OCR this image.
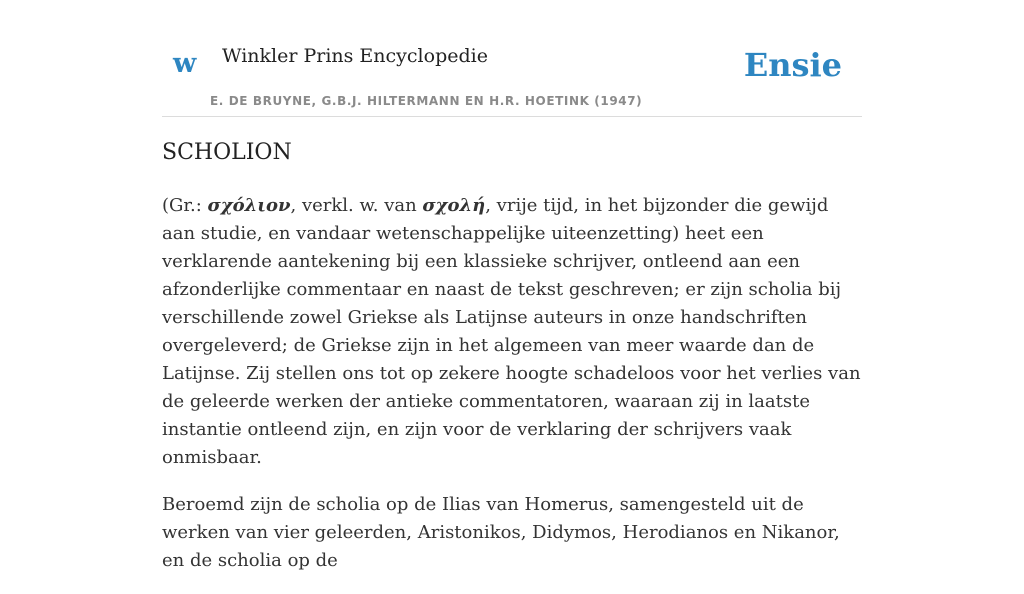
w Winkler Prins Encyclopedie	Ensie
E. DE BRUYNE, G.B.J. HILTERMANN EN H.R. HOETINK (1947)
SCHOLION

(Gr.: σχόλιον, verkl. w. van σχολή, vrije tijd, in het bijzonder die gewijd aan studie, en vandaar wetenschappelijke uiteenzetting) heet een verklarende aantekening bij een klassieke schrijver, ontleend aan een afzonderlijke commentaar en naast de tekst geschreven; er zijn scholia bij verschillende zowel Griekse als Latijnse auteurs in onze handschriften overgeleverd; de Griekse zijn in het algemeen van meer waarde dan de Latijnse. Zij stellen ons tot op zekere hoogte schadeloos voor het verlies van de geleerde werken der antieke commentatoren, waaraan zij in laatste instantie ontleend zijn, en zijn voor de verklaring der schrijvers vaak onmisbaar.

Beroemd zijn de scholia op de Ilias van Homerus, samengesteld uit de werken van vier geleerden, Aristonikos, Didymos, Herodianos en Nikanor, en de scholia op de
